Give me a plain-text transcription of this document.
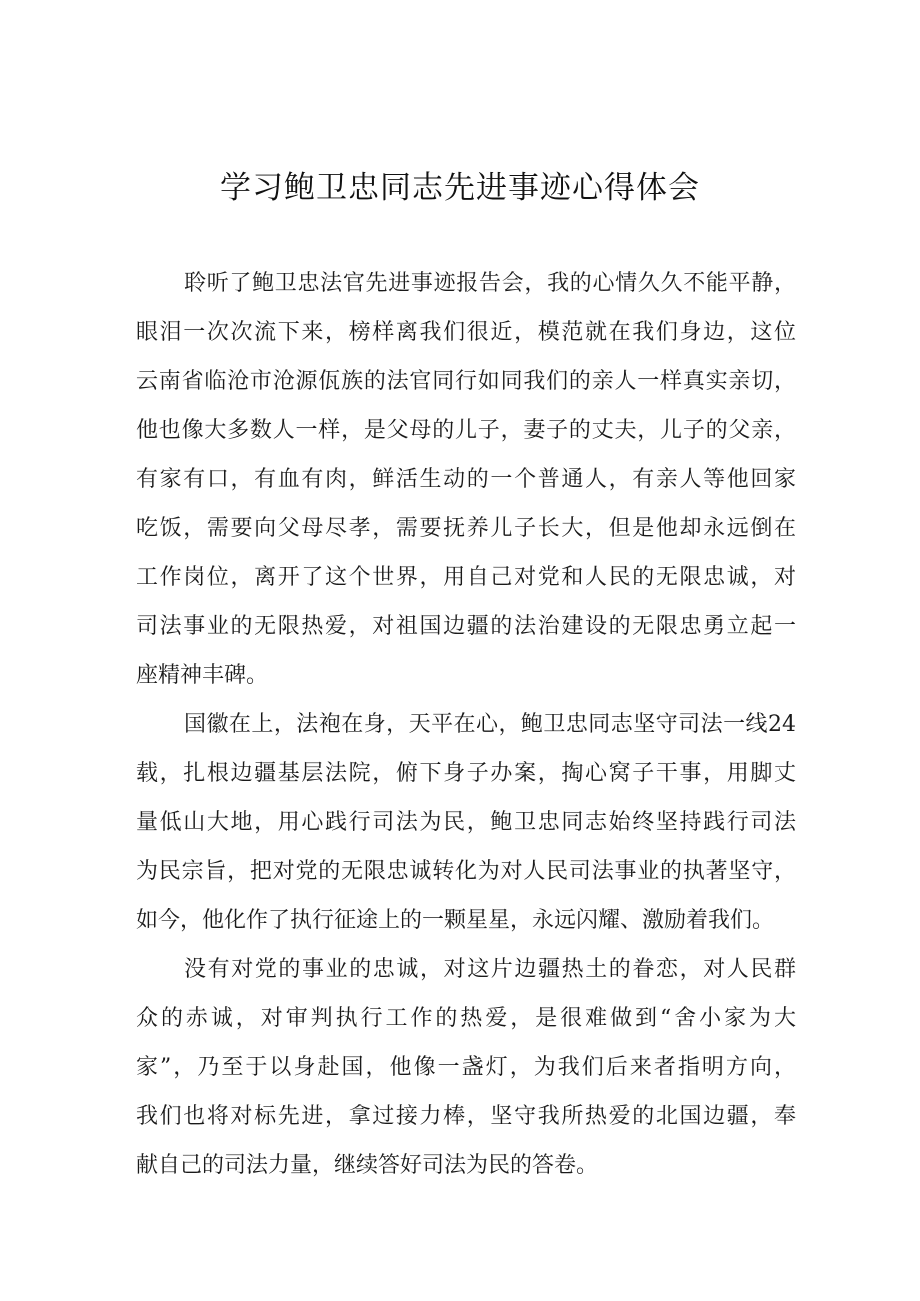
学习鲍卫忠同志先进事迹心得体会
聆听了鲍卫忠法官先进事迹报告会，我的心情久久不能平静，
眼泪一次次流下来，榜样离我们很近，模范就在我们身边，这位
云南省临沧市沧源佤族的法官同行如同我们的亲人一样真实亲切，
他也像大多数人一样，是父母的儿子，妻子的丈夫，儿子的父亲，
有家有口，有血有肉，鲜活生动的一个普通人，有亲人等他回家
吃饭，需要向父母尽孝，需要抚养儿子长大，但是他却永远倒在
工作岗位，离开了这个世界，用自己对党和人民的无限忠诚，对
司法事业的无限热爱，对祖国边疆的法治建设的无限忠勇立起一
座精神丰碑。
国徽在上，法袍在身，天平在心，鲍卫忠同志坚守司法一线24
载，扎根边疆基层法院，俯下身子办案，掏心窝子干事，用脚丈
量低山大地，用心践行司法为民，鲍卫忠同志始终坚持践行司法
为民宗旨，把对党的无限忠诚转化为对人民司法事业的执著坚守，
如今，他化作了执行征途上的一颗星星，永远闪耀、激励着我们。
没有对党的事业的忠诚，对这片边疆热土的眷恋，对人民群
众的赤诚，对审判执行工作的热爱，是很难做到“舍小家为大
家”，乃至于以身赴国，他像一盏灯，为我们后来者指明方向，
我们也将对标先进，拿过接力棒，坚守我所热爱的北国边疆，奉
献自己的司法力量，继续答好司法为民的答卷。
